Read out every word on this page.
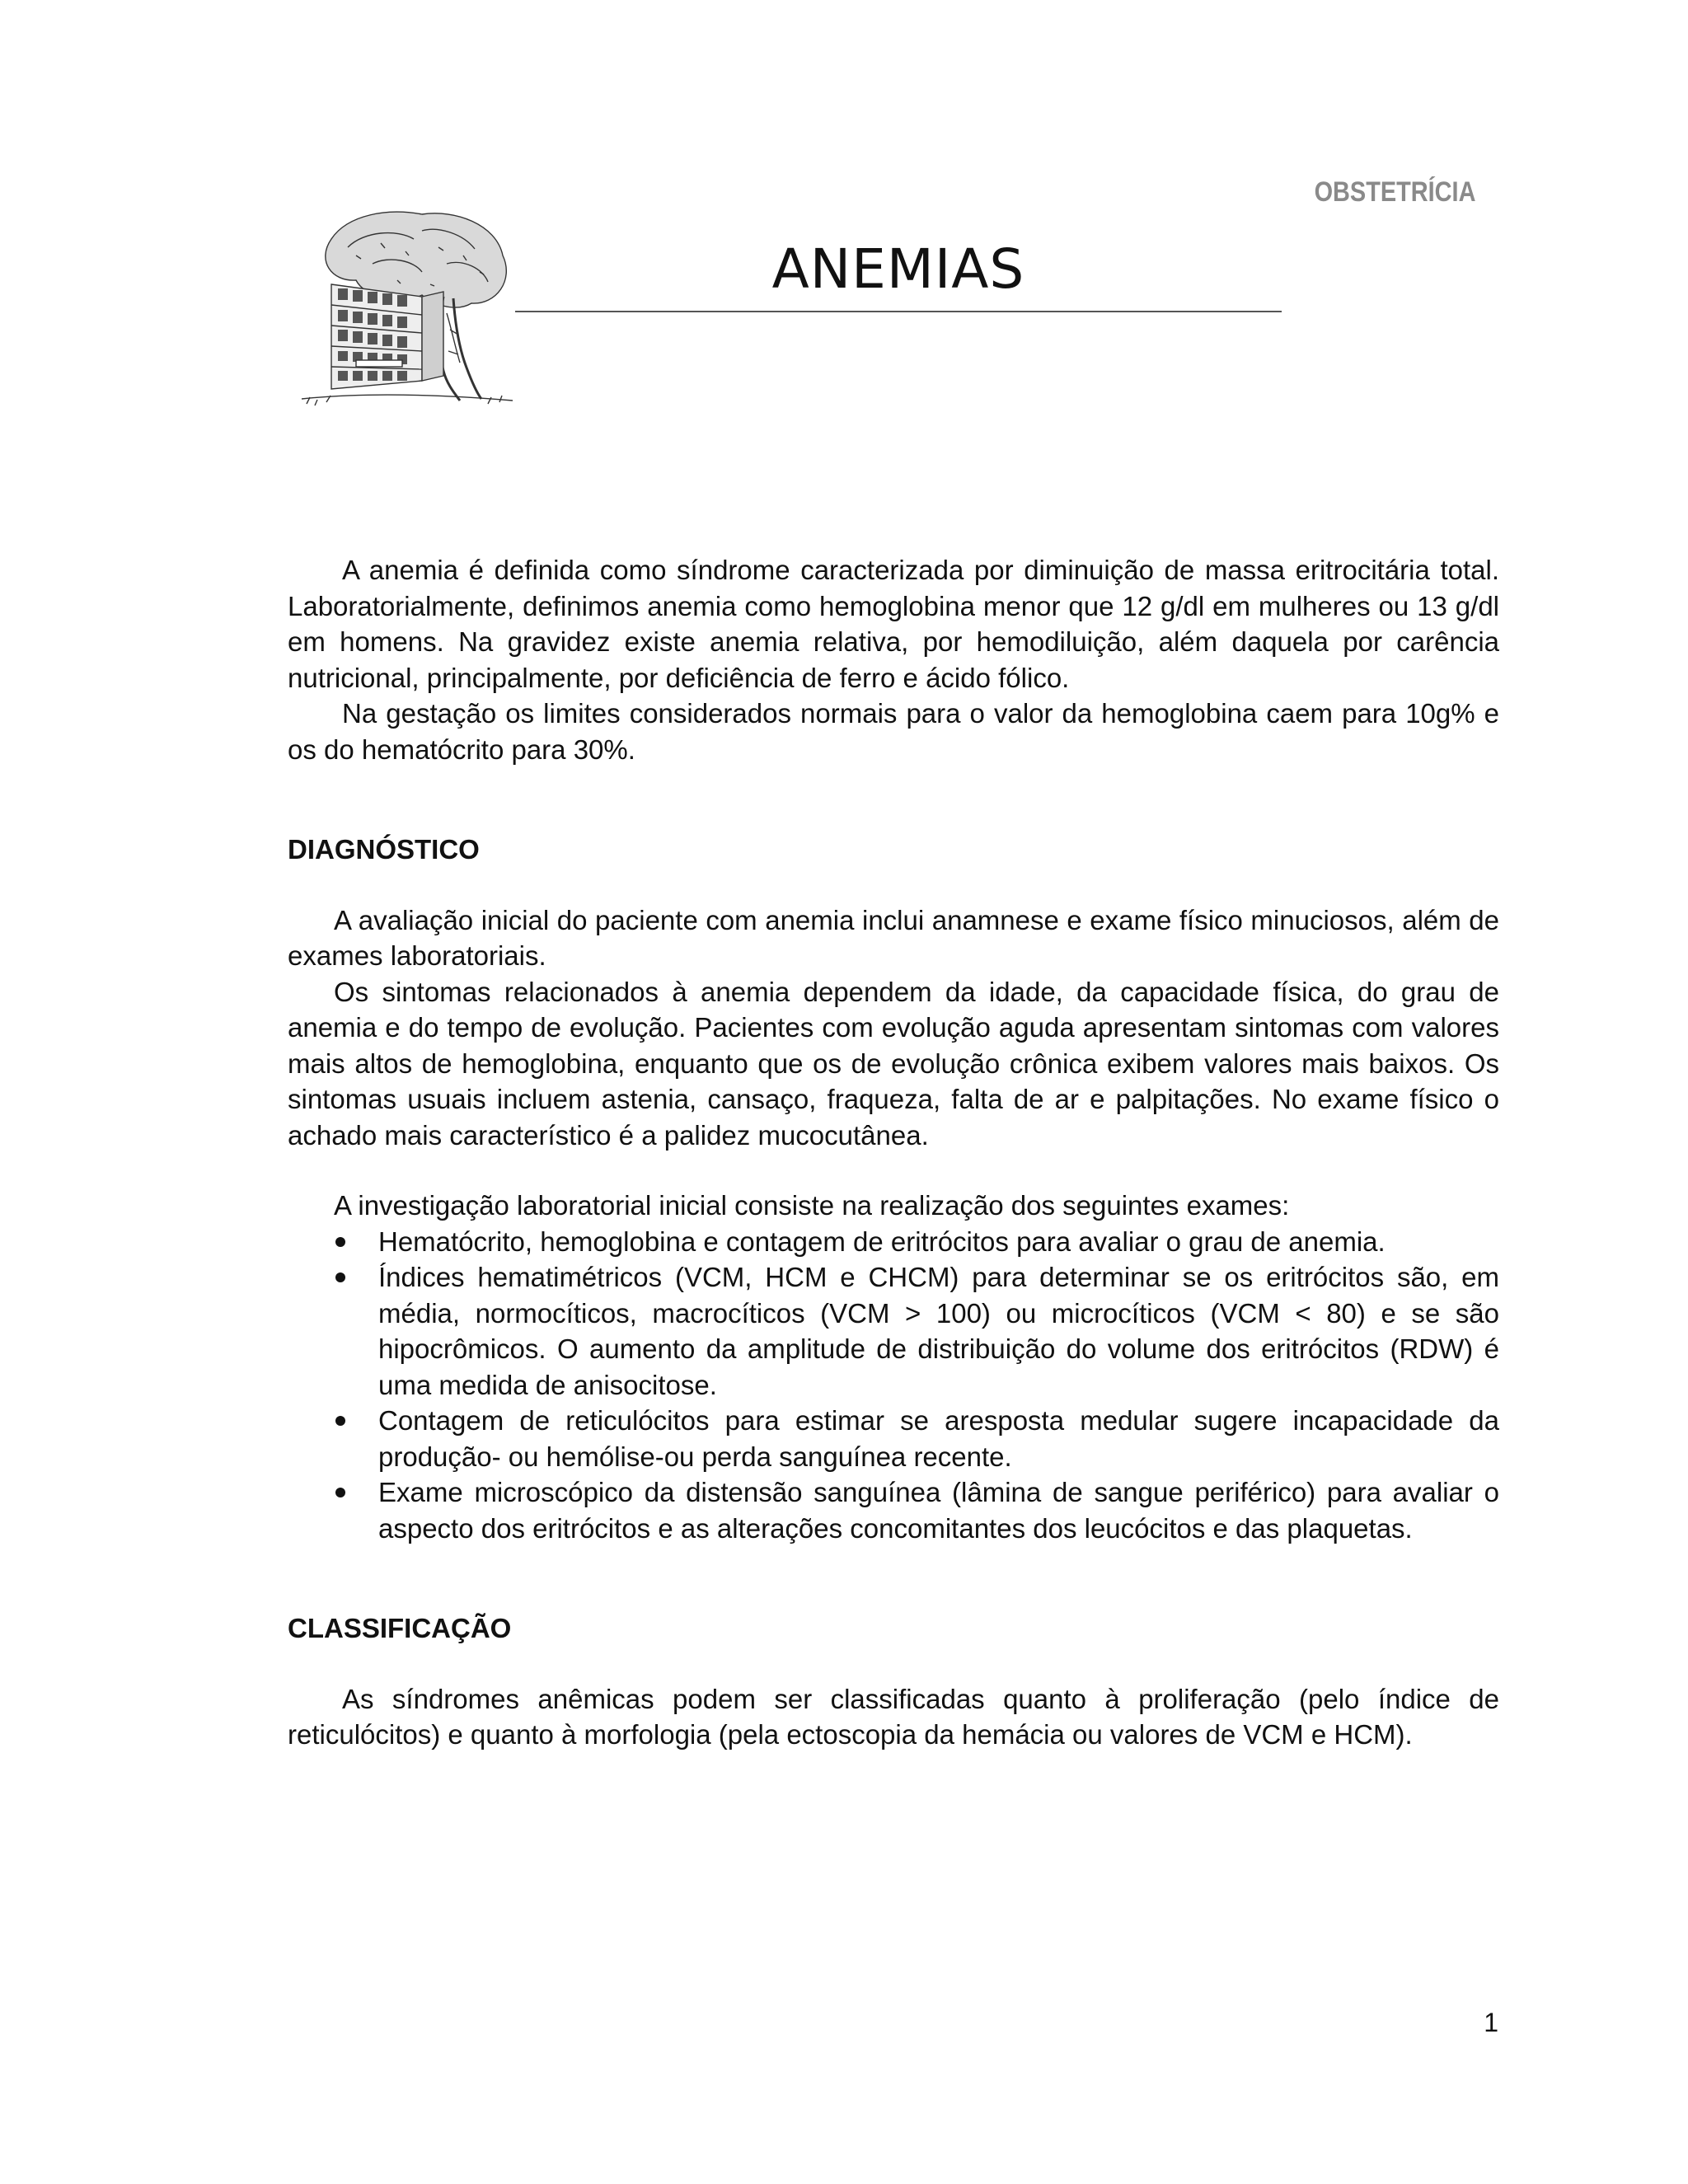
OBSTETRÍCIA
ANEMIAS

A anemia é definida como síndrome caracterizada por diminuição de massa eritrocitária total. Laboratorialmente, definimos anemia como hemoglobina menor que 12 g/dl em mulheres ou 13 g/dl em homens. Na gravidez existe anemia relativa, por hemodiluição, além daquela por carência nutricional, principalmente, por deficiência de ferro e ácido fólico.

Na gestação os limites considerados normais para o valor da hemoglobina caem para 10g% e os do hematócrito para 30%.

DIAGNÓSTICO

A avaliação inicial do paciente com anemia inclui anamnese e exame físico minuciosos, além de exames laboratoriais.

Os sintomas relacionados à anemia dependem da idade, da capacidade física, do grau de anemia e do tempo de evolução. Pacientes com evolução aguda apresentam sintomas com valores mais altos de hemoglobina, enquanto que os de evolução crônica exibem valores mais baixos. Os sintomas usuais incluem astenia, cansaço, fraqueza, falta de ar e palpitações. No exame físico o achado mais característico é a palidez mucocutânea.

A investigação laboratorial inicial consiste na realização dos seguintes exames:

Hematócrito, hemoglobina e contagem de eritrócitos para avaliar o grau de anemia.
Índices hematimétricos (VCM, HCM e CHCM) para determinar se os eritrócitos são, em média, normocíticos, macrocíticos (VCM > 100) ou microcíticos (VCM < 80) e se são hipocrômicos. O aumento da amplitude de distribuição do volume dos eritrócitos (RDW) é uma medida de anisocitose.
Contagem de reticulócitos para estimar se aresposta medular sugere incapacidade da produção- ou hemólise-ou perda sanguínea recente.
Exame microscópico da distensão sanguínea (lâmina de sangue periférico) para avaliar o aspecto dos eritrócitos e as alterações concomitantes dos leucócitos e das plaquetas.
CLASSIFICAÇÃO

As síndromes anêmicas podem ser classificadas quanto à proliferação (pelo índice de reticulócitos) e quanto à morfologia (pela ectoscopia da hemácia ou valores de VCM e HCM).

1
